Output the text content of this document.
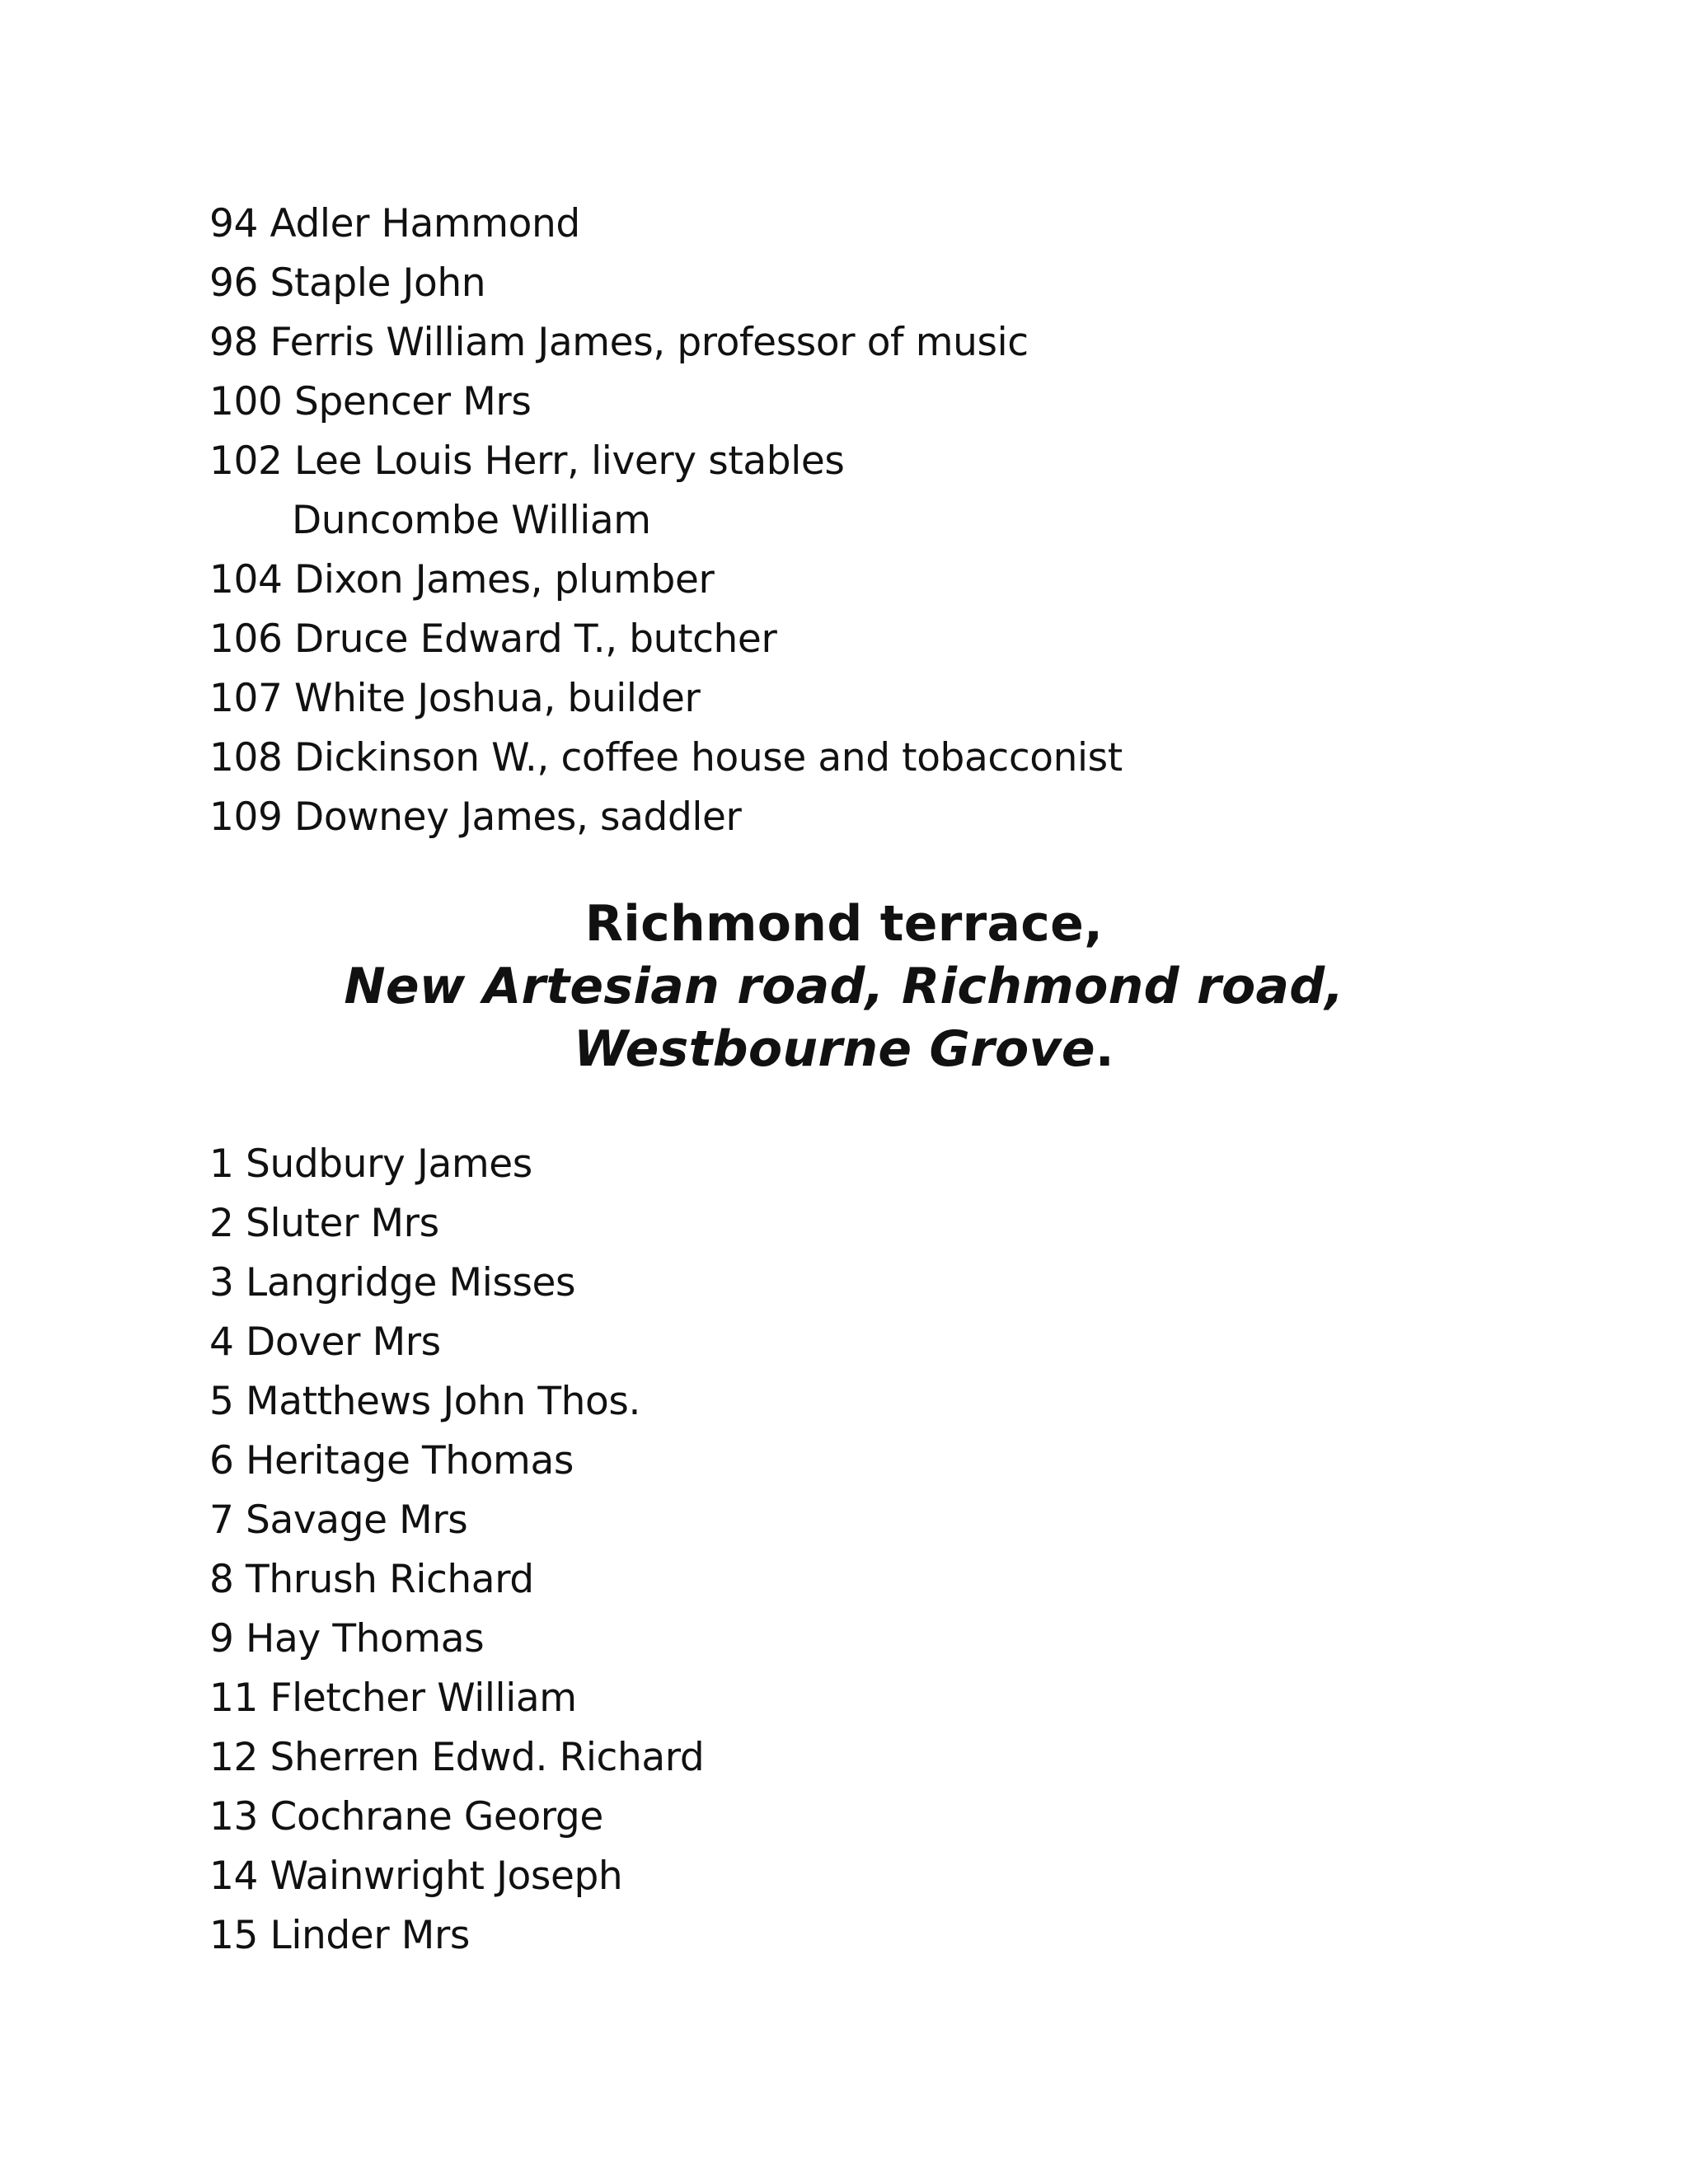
94 Adler Hammond
96 Staple John
98 Ferris William James, professor of music
100 Spencer Mrs
102 Lee Louis Herr, livery stables
Duncombe William
104 Dixon James, plumber
106 Druce Edward T., butcher
107 White Joshua, builder
108 Dickinson W., coffee house and tobacconist
109 Downey James, saddler
Richmond terrace,
New Artesian road, Richmond road,
Westbourne Grove.
1 Sudbury James
2 Sluter Mrs
3 Langridge Misses
4 Dover Mrs
5 Matthews John Thos.
6 Heritage Thomas
7 Savage Mrs
8 Thrush Richard
9 Hay Thomas
11 Fletcher William
12 Sherren Edwd. Richard
13 Cochrane George
14 Wainwright Joseph
15 Linder Mrs
